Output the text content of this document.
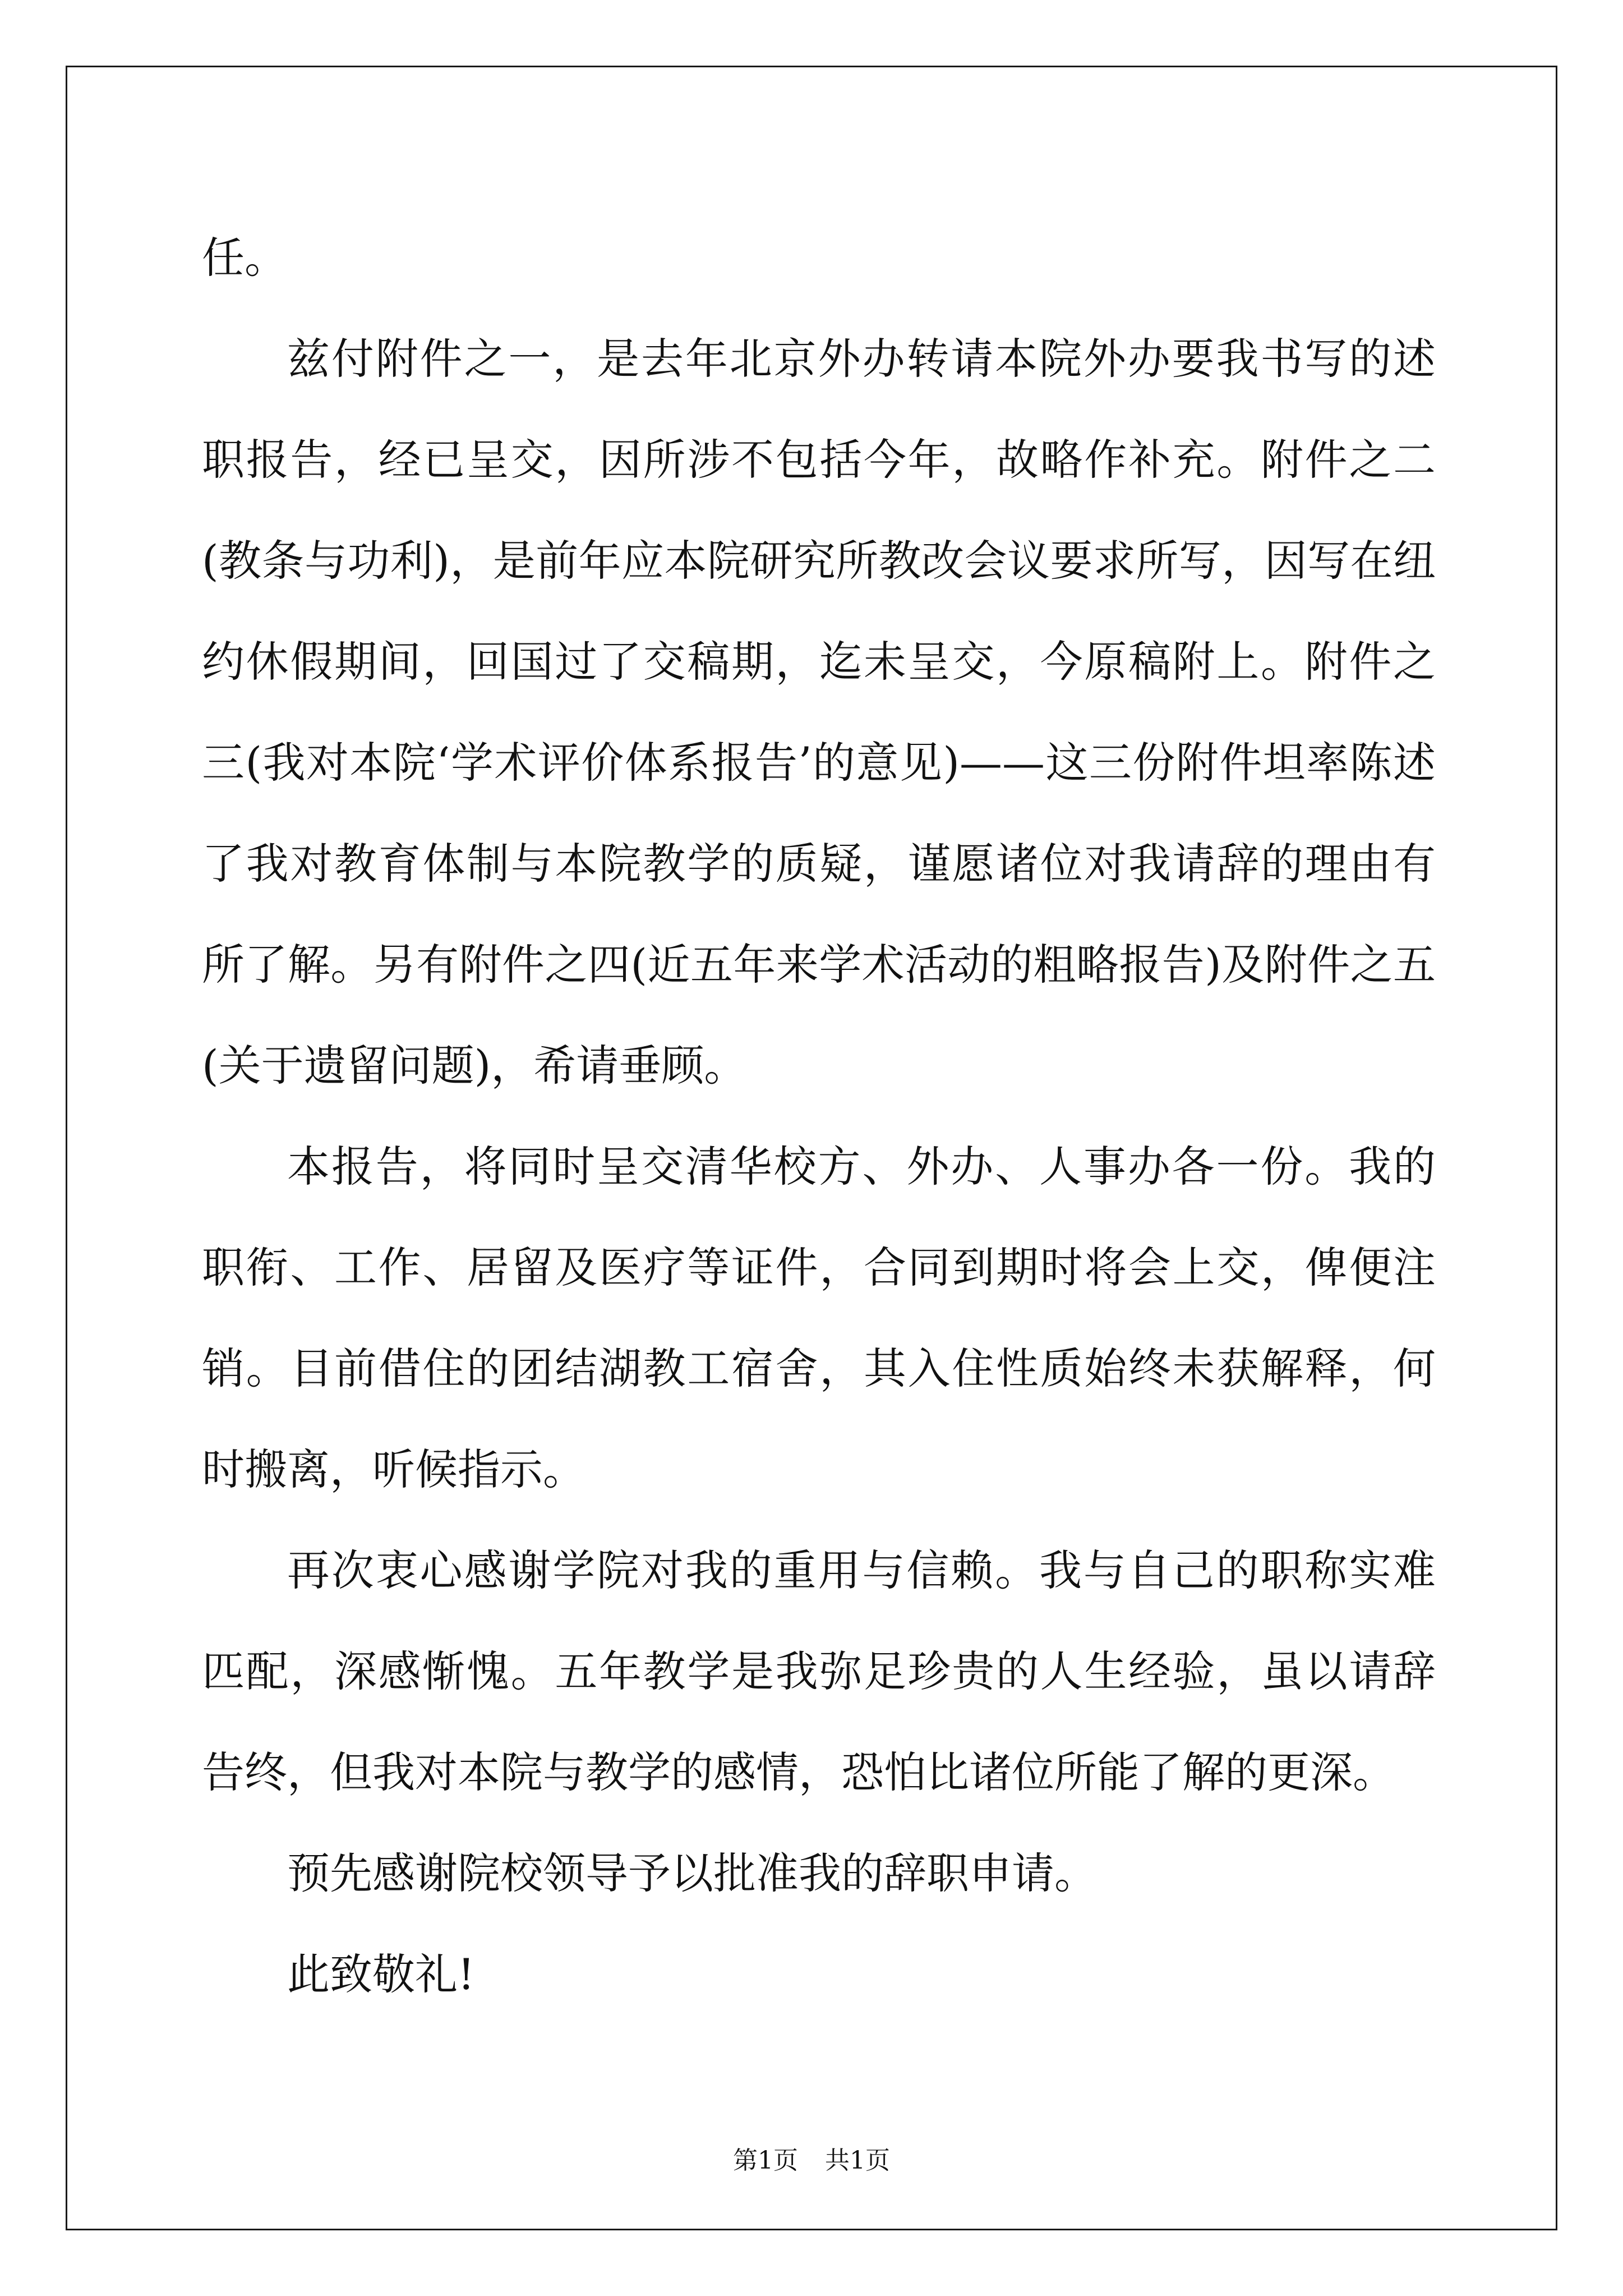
任。

兹付附件之一，是去年北京外办转请本院外办要我书写的述职报告，经已呈交，因所涉不包括今年，故略作补充。附件之二(教条与功利)，是前年应本院研究所教改会议要求所写，因写在纽约休假期间，回国过了交稿期，迄未呈交，今原稿附上。附件之三(我对本院‘学术评价体系报告’的意见)——这三份附件坦率陈述了我对教育体制与本院教学的质疑，谨愿诸位对我请辞的理由有所了解。另有附件之四(近五年来学术活动的粗略报告)及附件之五(关于遗留问题)，希请垂顾。

本报告，将同时呈交清华校方、外办、人事办各一份。我的职衔、工作、居留及医疗等证件，合同到期时将会上交，俾便注销。目前借住的团结湖教工宿舍，其入住性质始终未获解释，何时搬离，听候指示。

再次衷心感谢学院对我的重用与信赖。我与自己的职称实难匹配，深感惭愧。五年教学是我弥足珍贵的人生经验，虽以请辞告终，但我对本院与教学的感情，恐怕比诸位所能了解的更深。

预先感谢院校领导予以批准我的辞职申请。

此致敬礼!

第1页 共1页
